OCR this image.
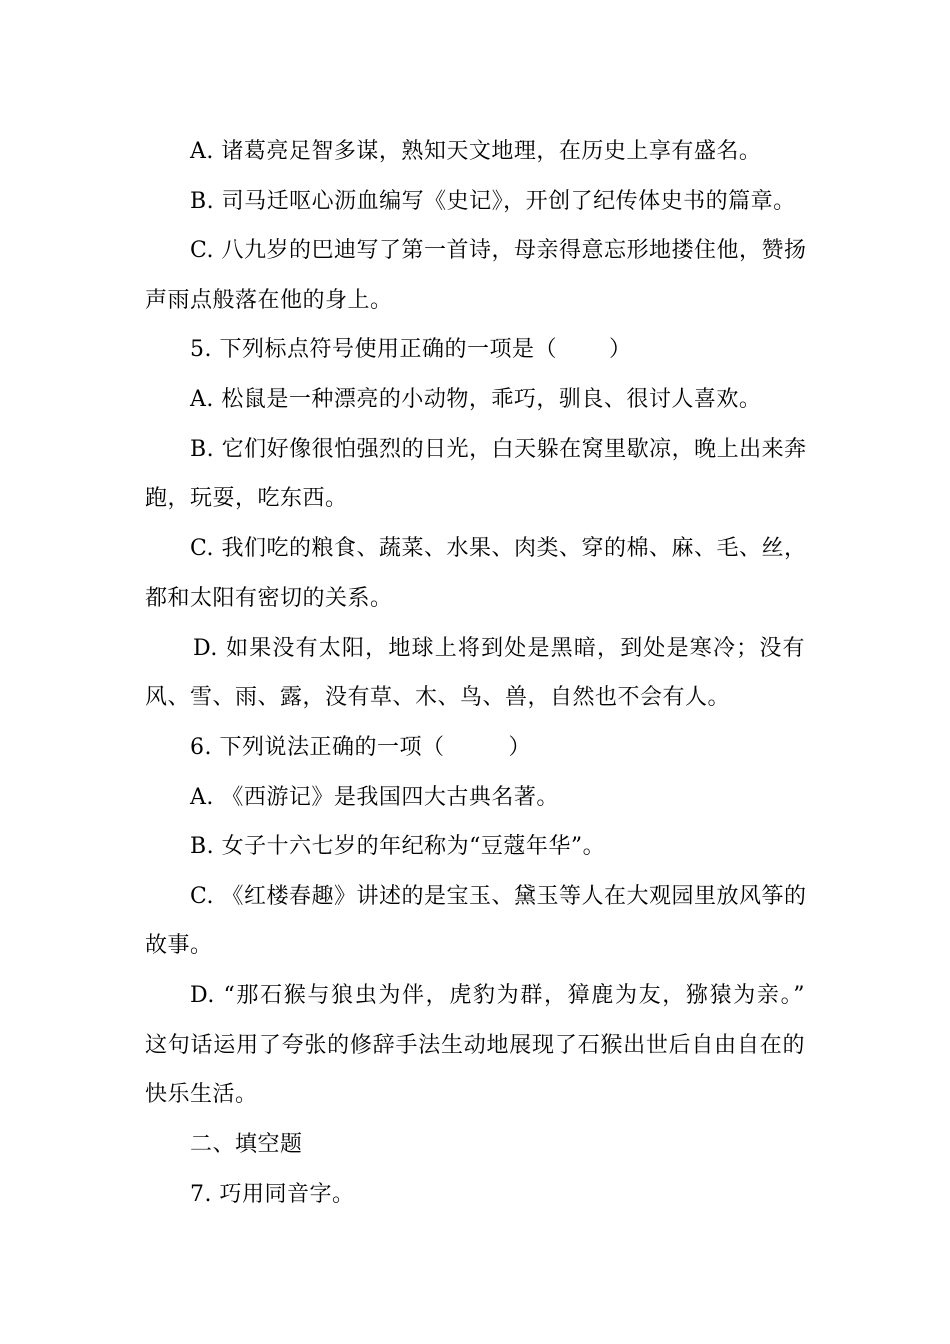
A. 诸葛亮足智多谋，熟知天文地理，在历史上享有盛名。
B. 司马迁呕心沥血编写《史记》，开创了纪传体史书的篇章。
C. 八九岁的巴迪写了第一首诗，母亲得意忘形地搂住他，赞扬
声雨点般落在他的身上。
5. 下列标点符号使用正确的一项是（ ）
A. 松鼠是一种漂亮的小动物，乖巧，驯良、很讨人喜欢。
B. 它们好像很怕强烈的日光，白天躲在窝里歇凉，晚上出来奔
跑，玩耍，吃东西。
C. 我们吃的粮食、蔬菜、水果、肉类、穿的棉、麻、毛、丝，
都和太阳有密切的关系。
D. 如果没有太阳，地球上将到处是黑暗，到处是寒冷；没有
风、雪、雨、露，没有草、木、鸟、兽，自然也不会有人。
6. 下列说法正确的一项（	）
A. 《西游记》是我国四大古典名著。
B. 女子十六七岁的年纪称为“豆蔻年华”。
C. 《红楼春趣》讲述的是宝玉、黛玉等人在大观园里放风筝的
故事。
D. “那石猴与狼虫为伴，虎豹为群，獐鹿为友，猕猿为亲。”
这句话运用了夸张的修辞手法生动地展现了石猴出世后自由自在的
快乐生活。
二、填空题
7. 巧用同音字。
